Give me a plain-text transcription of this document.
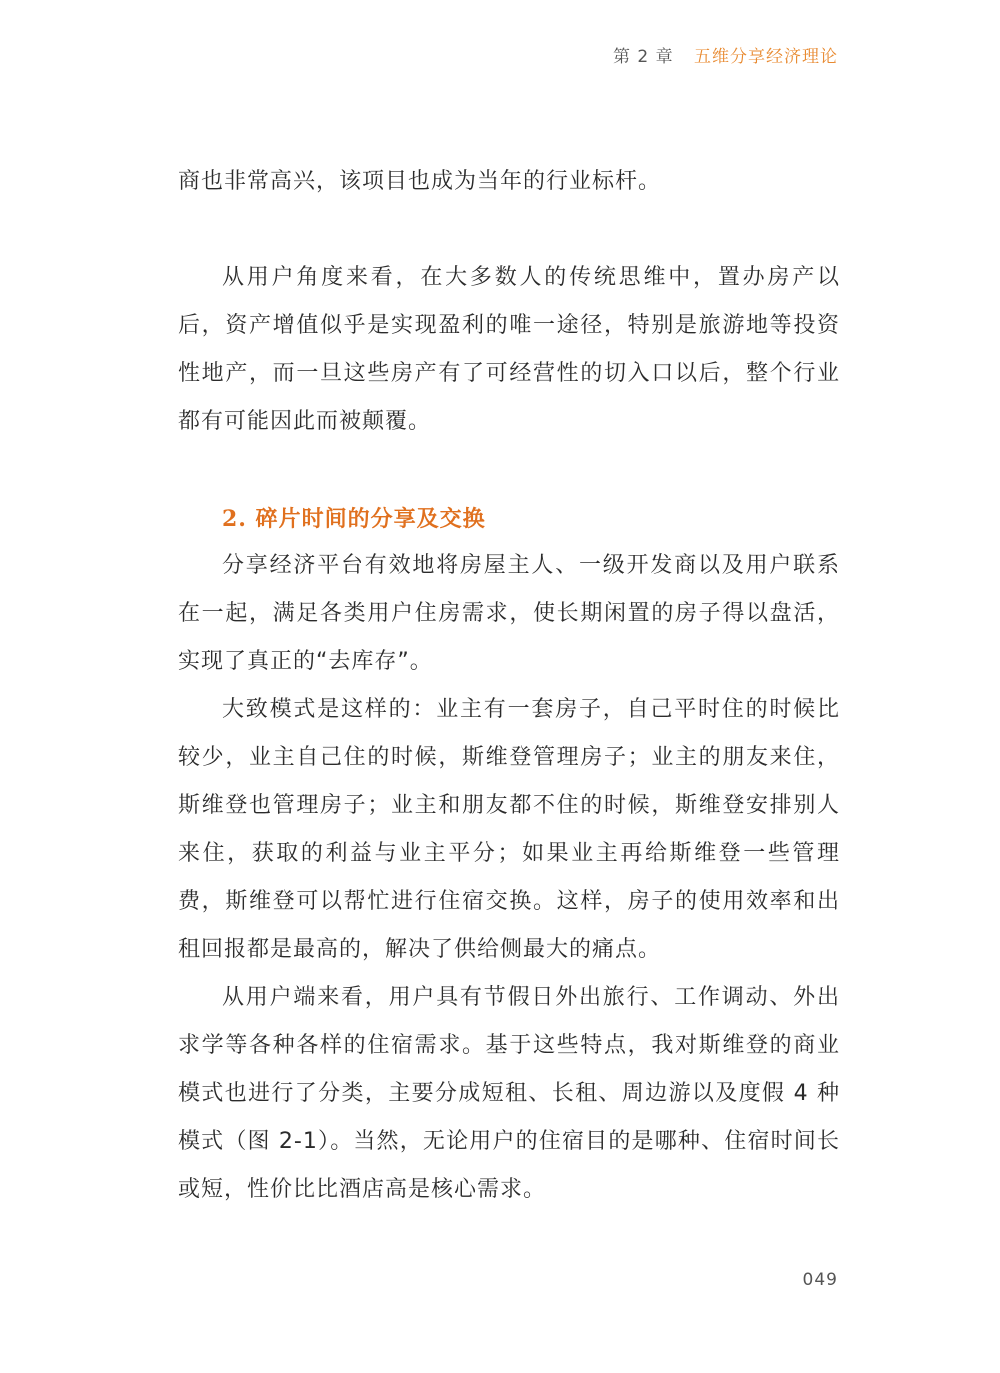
第 2 章 五维分享经济理论

商也非常高兴，该项目也成为当年的行业标杆。

从用户角度来看，在大多数人的传统思维中，置办房产以后，资产增值似乎是实现盈利的唯一途径，特别是旅游地等投资性地产，而一旦这些房产有了可经营性的切入口以后，整个行业都有可能因此而被颠覆。

2. 碎片时间的分享及交换

分享经济平台有效地将房屋主人、一级开发商以及用户联系在一起，满足各类用户住房需求，使长期闲置的房子得以盘活，实现了真正的“去库存”。

大致模式是这样的：业主有一套房子，自己平时住的时候比较少，业主自己住的时候，斯维登管理房子；业主的朋友来住，斯维登也管理房子；业主和朋友都不住的时候，斯维登安排别人来住，获取的利益与业主平分；如果业主再给斯维登一些管理费，斯维登可以帮忙进行住宿交换。这样，房子的使用效率和出租回报都是最高的，解决了供给侧最大的痛点。

从用户端来看，用户具有节假日外出旅行、工作调动、外出求学等各种各样的住宿需求。基于这些特点，我对斯维登的商业模式也进行了分类，主要分成短租、长租、周边游以及度假 4 种模式（图 2-1）。当然，无论用户的住宿目的是哪种、住宿时间长或短，性价比比酒店高是核心需求。

049
